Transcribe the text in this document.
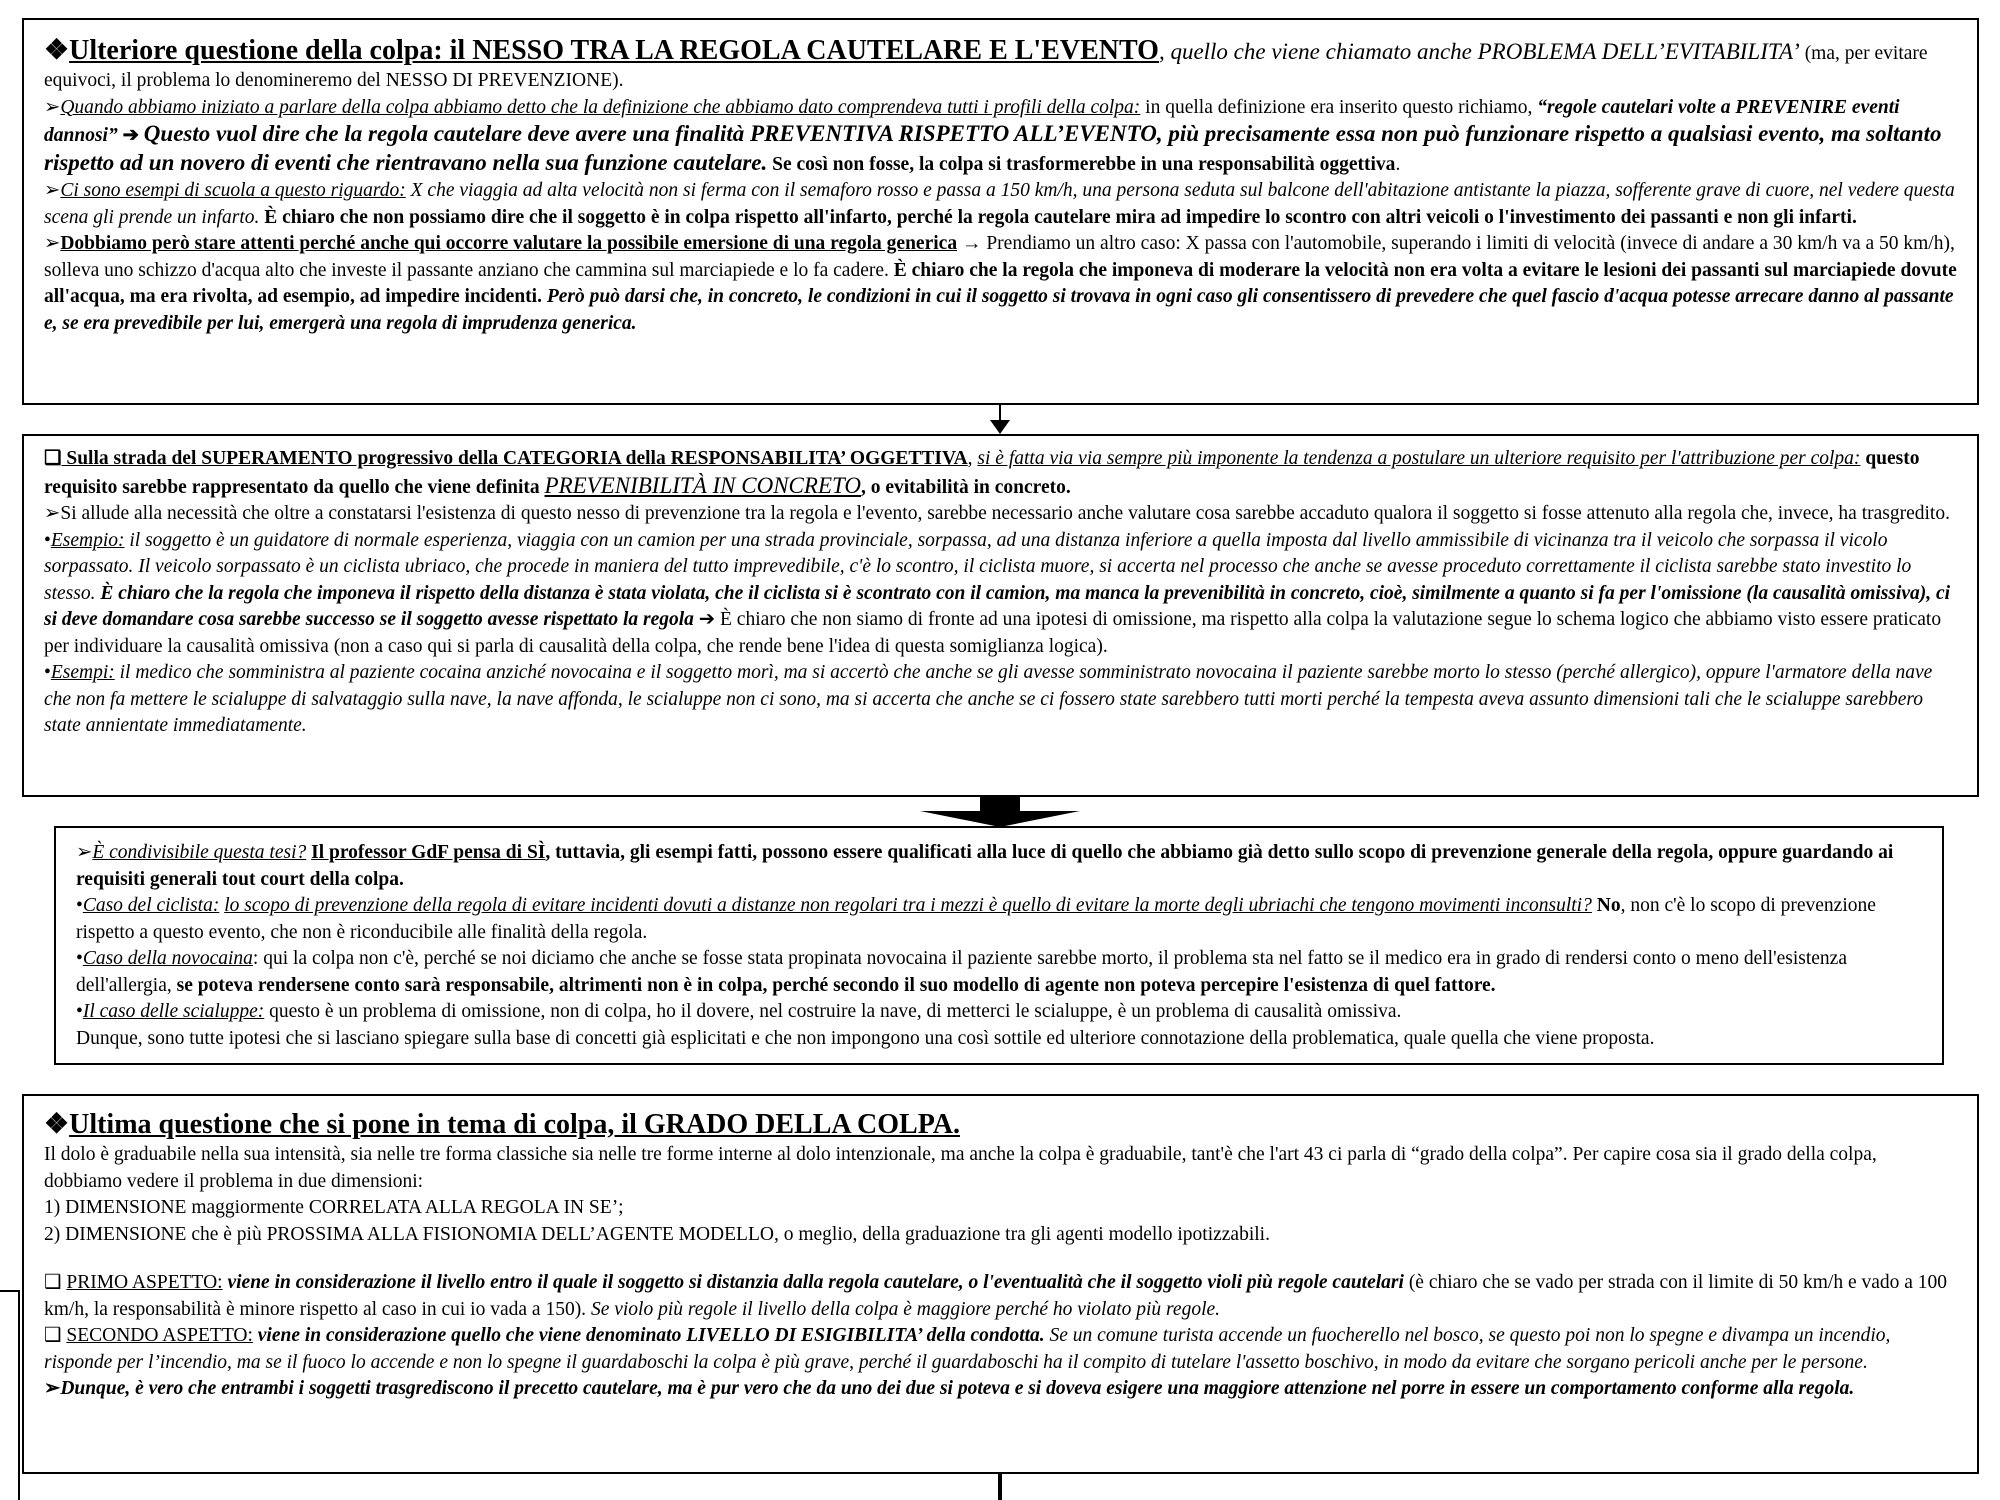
❖Ulteriore questione della colpa: il NESSO TRA LA REGOLA CAUTELARE E L'EVENTO, quello che viene chiamato anche PROBLEMA DELL’EVITABILITA’ (ma, per evitare equivoci, il problema lo denomineremo del NESSO DI PREVENZIONE).

➢Quando abbiamo iniziato a parlare della colpa abbiamo detto che la definizione che abbiamo dato comprendeva tutti i profili della colpa: in quella definizione era inserito questo richiamo, “regole cautelari volte a PREVENIRE eventi dannosi” ➔ Questo vuol dire che la regola cautelare deve avere una finalità PREVENTIVA RISPETTO ALL’EVENTO, più precisamente essa non può funzionare rispetto a qualsiasi evento, ma soltanto rispetto ad un novero di eventi che rientravano nella sua funzione cautelare. Se così non fosse, la colpa si trasformerebbe in una responsabilità oggettiva.

➢Ci sono esempi di scuola a questo riguardo: X che viaggia ad alta velocità non si ferma con il semaforo rosso e passa a 150 km/h, una persona seduta sul balcone dell'abitazione antistante la piazza, sofferente grave di cuore, nel vedere questa scena gli prende un infarto. È chiaro che non possiamo dire che il soggetto è in colpa rispetto all'infarto, perché la regola cautelare mira ad impedire lo scontro con altri veicoli o l'investimento dei passanti e non gli infarti.

➢Dobbiamo però stare attenti perché anche qui occorre valutare la possibile emersione di una regola generica → Prendiamo un altro caso: X passa con l'automobile, superando i limiti di velocità (invece di andare a 30 km/h va a 50 km/h), solleva uno schizzo d'acqua alto che investe il passante anziano che cammina sul marciapiede e lo fa cadere. È chiaro che la regola che imponeva di moderare la velocità non era volta a evitare le lesioni dei passanti sul marciapiede dovute all'acqua, ma era rivolta, ad esempio, ad impedire incidenti. Però può darsi che, in concreto, le condizioni in cui il soggetto si trovava in ogni caso gli consentissero di prevedere che quel fascio d'acqua potesse arrecare danno al passante e, se era prevedibile per lui, emergerà una regola di imprudenza generica.

❑ Sulla strada del SUPERAMENTO progressivo della CATEGORIA della RESPONSABILITA’ OGGETTIVA, si è fatta via via sempre più imponente la tendenza a postulare un ulteriore requisito per l'attribuzione per colpa: questo requisito sarebbe rappresentato da quello che viene definita PREVENIBILITÀ IN CONCRETO, o evitabilità in concreto.

➢Si allude alla necessità che oltre a constatarsi l'esistenza di questo nesso di prevenzione tra la regola e l'evento, sarebbe necessario anche valutare cosa sarebbe accaduto qualora il soggetto si fosse attenuto alla regola che, invece, ha trasgredito.

•Esempio: il soggetto è un guidatore di normale esperienza, viaggia con un camion per una strada provinciale, sorpassa, ad una distanza inferiore a quella imposta dal livello ammissibile di vicinanza tra il veicolo che sorpassa il vicolo sorpassato. Il veicolo sorpassato è un ciclista ubriaco, che procede in maniera del tutto imprevedibile, c'è lo scontro, il ciclista muore, si accerta nel processo che anche se avesse proceduto correttamente il ciclista sarebbe stato investito lo stesso. È chiaro che la regola che imponeva il rispetto della distanza è stata violata, che il ciclista si è scontrato con il camion, ma manca la prevenibilità in concreto, cioè, similmente a quanto si fa per l'omissione (la causalità omissiva), ci si deve domandare cosa sarebbe successo se il soggetto avesse rispettato la regola ➔ È chiaro che non siamo di fronte ad una ipotesi di omissione, ma rispetto alla colpa la valutazione segue lo schema logico che abbiamo visto essere praticato per individuare la causalità omissiva (non a caso qui si parla di causalità della colpa, che rende bene l'idea di questa somiglianza logica).

•Esempi: il medico che somministra al paziente cocaina anziché novocaina e il soggetto morì, ma si accertò che anche se gli avesse somministrato novocaina il paziente sarebbe morto lo stesso (perché allergico), oppure l'armatore della nave che non fa mettere le scialuppe di salvataggio sulla nave, la nave affonda, le scialuppe non ci sono, ma si accerta che anche se ci fossero state sarebbero tutti morti perché la tempesta aveva assunto dimensioni tali che le scialuppe sarebbero state annientate immediatamente.

➢È condivisibile questa tesi? Il professor GdF pensa di SÌ, tuttavia, gli esempi fatti, possono essere qualificati alla luce di quello che abbiamo già detto sullo scopo di prevenzione generale della regola, oppure guardando ai requisiti generali tout court della colpa.

•Caso del ciclista: lo scopo di prevenzione della regola di evitare incidenti dovuti a distanze non regolari tra i mezzi è quello di evitare la morte degli ubriachi che tengono movimenti inconsulti? No, non c'è lo scopo di prevenzione rispetto a questo evento, che non è riconducibile alle finalità della regola.

•Caso della novocaina: qui la colpa non c'è, perché se noi diciamo che anche se fosse stata propinata novocaina il paziente sarebbe morto, il problema sta nel fatto se il medico era in grado di rendersi conto o meno dell'esistenza dell'allergia, se poteva rendersene conto sarà responsabile, altrimenti non è in colpa, perché secondo il suo modello di agente non poteva percepire l'esistenza di quel fattore.

•Il caso delle scialuppe: questo è un problema di omissione, non di colpa, ho il dovere, nel costruire la nave, di metterci le scialuppe, è un problema di causalità omissiva.

Dunque, sono tutte ipotesi che si lasciano spiegare sulla base di concetti già esplicitati e che non impongono una così sottile ed ulteriore connotazione della problematica, quale quella che viene proposta.

❖Ultima questione che si pone in tema di colpa, il GRADO DELLA COLPA.

Il dolo è graduabile nella sua intensità, sia nelle tre forma classiche sia nelle tre forme interne al dolo intenzionale, ma anche la colpa è graduabile, tant'è che l'art 43 ci parla di “grado della colpa”. Per capire cosa sia il grado della colpa, dobbiamo vedere il problema in due dimensioni:

1) DIMENSIONE maggiormente CORRELATA ALLA REGOLA IN SE’;

2) DIMENSIONE che è più PROSSIMA ALLA FISIONOMIA DELL’AGENTE MODELLO, o meglio, della graduazione tra gli agenti modello ipotizzabili.

❑ PRIMO ASPETTO: viene in considerazione il livello entro il quale il soggetto si distanzia dalla regola cautelare, o l'eventualità che il soggetto violi più regole cautelari (è chiaro che se vado per strada con il limite di 50 km/h e vado a 100 km/h, la responsabilità è minore rispetto al caso in cui io vada a 150). Se violo più regole il livello della colpa è maggiore perché ho violato più regole.

❑ SECONDO ASPETTO: viene in considerazione quello che viene denominato LIVELLO DI ESIGIBILITA’ della condotta. Se un comune turista accende un fuocherello nel bosco, se questo poi non lo spegne e divampa un incendio, risponde per l’incendio, ma se il fuoco lo accende e non lo spegne il guardaboschi la colpa è più grave, perché il guardaboschi ha il compito di tutelare l'assetto boschivo, in modo da evitare che sorgano pericoli anche per le persone.

➢Dunque, è vero che entrambi i soggetti trasgrediscono il precetto cautelare, ma è pur vero che da uno dei due si poteva e si doveva esigere una maggiore attenzione nel porre in essere un comportamento conforme alla regola.
